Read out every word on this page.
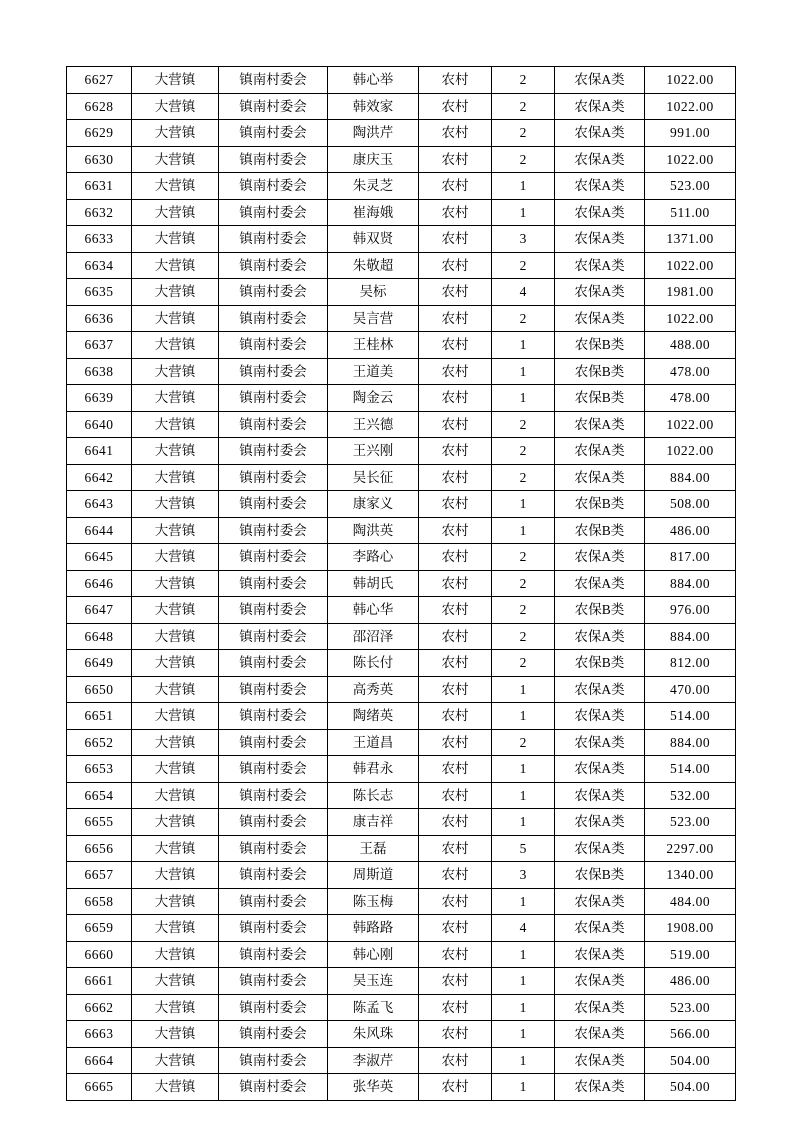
6627	大营镇	镇南村委会	韩心举	农村	2	农保A类	1022.00
6628	大营镇	镇南村委会	韩效家	农村	2	农保A类	1022.00
6629	大营镇	镇南村委会	陶洪芹	农村	2	农保A类	991.00
6630	大营镇	镇南村委会	康庆玉	农村	2	农保A类	1022.00
6631	大营镇	镇南村委会	朱灵芝	农村	1	农保A类	523.00
6632	大营镇	镇南村委会	崔海娥	农村	1	农保A类	511.00
6633	大营镇	镇南村委会	韩双贤	农村	3	农保A类	1371.00
6634	大营镇	镇南村委会	朱敬超	农村	2	农保A类	1022.00
6635	大营镇	镇南村委会	吴标	农村	4	农保A类	1981.00
6636	大营镇	镇南村委会	吴言营	农村	2	农保A类	1022.00
6637	大营镇	镇南村委会	王桂林	农村	1	农保B类	488.00
6638	大营镇	镇南村委会	王道美	农村	1	农保B类	478.00
6639	大营镇	镇南村委会	陶金云	农村	1	农保B类	478.00
6640	大营镇	镇南村委会	王兴德	农村	2	农保A类	1022.00
6641	大营镇	镇南村委会	王兴刚	农村	2	农保A类	1022.00
6642	大营镇	镇南村委会	吴长征	农村	2	农保A类	884.00
6643	大营镇	镇南村委会	康家义	农村	1	农保B类	508.00
6644	大营镇	镇南村委会	陶洪英	农村	1	农保B类	486.00
6645	大营镇	镇南村委会	李路心	农村	2	农保A类	817.00
6646	大营镇	镇南村委会	韩胡氏	农村	2	农保A类	884.00
6647	大营镇	镇南村委会	韩心华	农村	2	农保B类	976.00
6648	大营镇	镇南村委会	邵沼泽	农村	2	农保A类	884.00
6649	大营镇	镇南村委会	陈长付	农村	2	农保B类	812.00
6650	大营镇	镇南村委会	高秀英	农村	1	农保A类	470.00
6651	大营镇	镇南村委会	陶绪英	农村	1	农保A类	514.00
6652	大营镇	镇南村委会	王道昌	农村	2	农保A类	884.00
6653	大营镇	镇南村委会	韩君永	农村	1	农保A类	514.00
6654	大营镇	镇南村委会	陈长志	农村	1	农保A类	532.00
6655	大营镇	镇南村委会	康吉祥	农村	1	农保A类	523.00
6656	大营镇	镇南村委会	王磊	农村	5	农保A类	2297.00
6657	大营镇	镇南村委会	周斯道	农村	3	农保B类	1340.00
6658	大营镇	镇南村委会	陈玉梅	农村	1	农保A类	484.00
6659	大营镇	镇南村委会	韩路路	农村	4	农保A类	1908.00
6660	大营镇	镇南村委会	韩心刚	农村	1	农保A类	519.00
6661	大营镇	镇南村委会	吴玉连	农村	1	农保A类	486.00
6662	大营镇	镇南村委会	陈孟飞	农村	1	农保A类	523.00
6663	大营镇	镇南村委会	朱风珠	农村	1	农保A类	566.00
6664	大营镇	镇南村委会	李淑芹	农村	1	农保A类	504.00
6665	大营镇	镇南村委会	张华英	农村	1	农保A类	504.00
